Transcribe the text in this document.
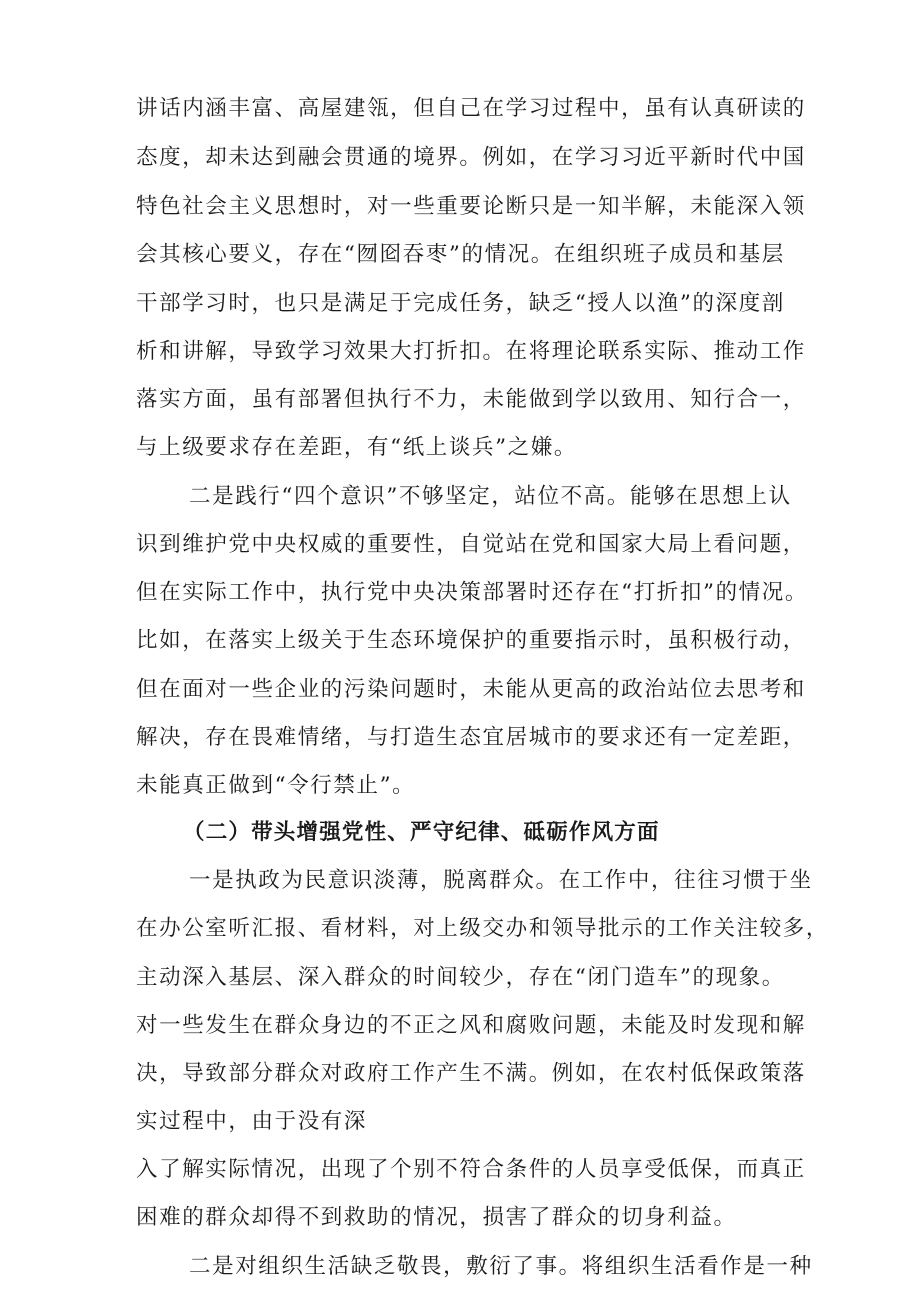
讲话内涵丰富、高屋建瓴，但自己在学习过程中，虽有认真研读的
态度，却未达到融会贯通的境界。例如，在学习习近平新时代中国
特色社会主义思想时，对一些重要论断只是一知半解，未能深入领
会其核心要义，存在“囫囵吞枣”的情况。在组织班子成员和基层
干部学习时，也只是满足于完成任务，缺乏“授人以渔”的深度剖
析和讲解，导致学习效果大打折扣。在将理论联系实际、推动工作
落实方面，虽有部署但执行不力，未能做到学以致用、知行合一，
与上级要求存在差距，有“纸上谈兵”之嫌。
二是践行“四个意识”不够坚定，站位不高。能够在思想上认
识到维护党中央权威的重要性，自觉站在党和国家大局上看问题，
但在实际工作中，执行党中央决策部署时还存在“打折扣”的情况。
比如，在落实上级关于生态环境保护的重要指示时，虽积极行动，
但在面对一些企业的污染问题时，未能从更高的政治站位去思考和
解决，存在畏难情绪，与打造生态宜居城市的要求还有一定差距，
未能真正做到“令行禁止”。
（二）带头增强党性、严守纪律、砥砺作风方面
一是执政为民意识淡薄，脱离群众。在工作中，往往习惯于坐
在办公室听汇报、看材料，对上级交办和领导批示的工作关注较多，
主动深入基层、深入群众的时间较少，存在“闭门造车”的现象。
对一些发生在群众身边的不正之风和腐败问题，未能及时发现和解
决，导致部分群众对政府工作产生不满。例如，在农村低保政策落
实过程中，由于没有深
入了解实际情况，出现了个别不符合条件的人员享受低保，而真正
困难的群众却得不到救助的情况，损害了群众的切身利益。
二是对组织生活缺乏敬畏，敷衍了事。将组织生活看作是一种
